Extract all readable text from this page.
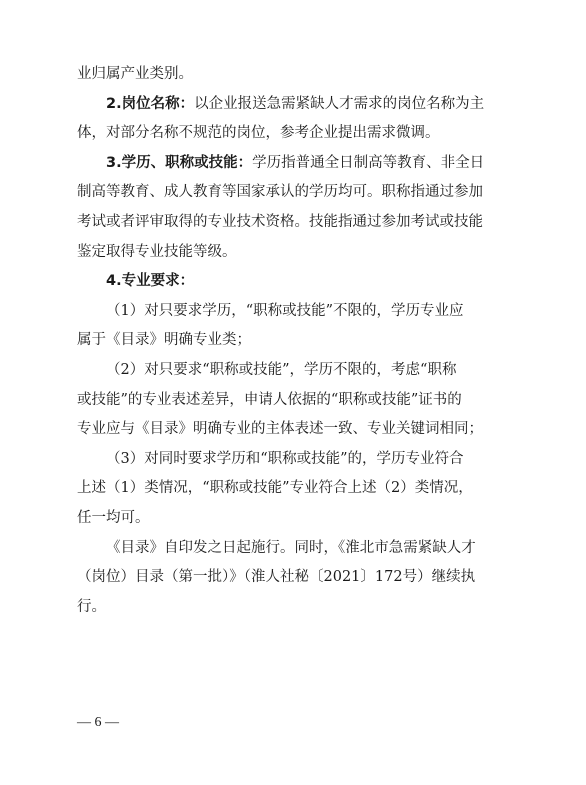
业归属产业类别。
2.岗位名称：以企业报送急需紧缺人才需求的岗位名称为主
体，对部分名称不规范的岗位，参考企业提出需求微调。
3.学历、职称或技能：学历指普通全日制高等教育、非全日
制高等教育、成人教育等国家承认的学历均可。职称指通过参加
考试或者评审取得的专业技术资格。技能指通过参加考试或技能
鉴定取得专业技能等级。
4.专业要求：
（1）对只要求学历，“职称或技能”不限的，学历专业应
属于《目录》明确专业类；
（2）对只要求“职称或技能”，学历不限的，考虑“职称
或技能”的专业表述差异，申请人依据的“职称或技能”证书的
专业应与《目录》明确专业的主体表述一致、专业关键词相同；
（3）对同时要求学历和“职称或技能”的，学历专业符合
上述（1）类情况，“职称或技能”专业符合上述（2）类情况，
任一均可。
《目录》自印发之日起施行。同时，《淮北市急需紧缺人才
（岗位）目录（第一批）》（淮人社秘〔2021〕172号）继续执
行。
— 6 —
